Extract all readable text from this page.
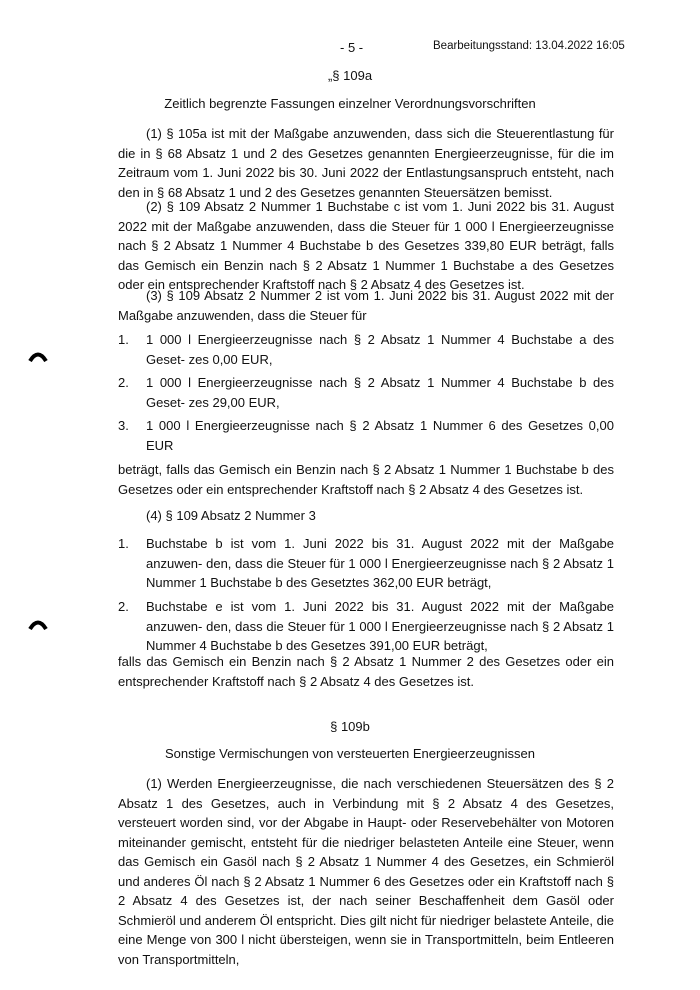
- 5 -	Bearbeitungsstand: 13.04.2022 16:05
„§ 109a
Zeitlich begrenzte Fassungen einzelner Verordnungsvorschriften

(1) § 105a ist mit der Maßgabe anzuwenden, dass sich die Steuerentlastung für die in § 68 Absatz 1 und 2 des Gesetzes genannten Energieerzeugnisse, für die im Zeitraum vom 1. Juni 2022 bis 30. Juni 2022 der Entlastungsanspruch entsteht, nach den in § 68 Absatz 1 und 2 des Gesetzes genannten Steuersätzen bemisst.

(2) § 109 Absatz 2 Nummer 1 Buchstabe c ist vom 1. Juni 2022 bis 31. August 2022 mit der Maßgabe anzuwenden, dass die Steuer für 1 000 l Energieerzeugnisse nach § 2 Absatz 1 Nummer 4 Buchstabe b des Gesetzes 339,80 EUR beträgt, falls das Gemisch ein Benzin nach § 2 Absatz 1 Nummer 1 Buchstabe a des Gesetzes oder ein entsprechender Kraftstoff nach § 2 Absatz 4 des Gesetzes ist.

(3) § 109 Absatz 2 Nummer 2 ist vom 1. Juni 2022 bis 31. August 2022 mit der Maßgabe anzuwenden, dass die Steuer für

1. 1 000 l Energieerzeugnisse nach § 2 Absatz 1 Nummer 4 Buchstabe a des Geset- zes 0,00 EUR,

2. 1 000 l Energieerzeugnisse nach § 2 Absatz 1 Nummer 4 Buchstabe b des Geset- zes 29,00 EUR,

3. 1 000 l Energieerzeugnisse nach § 2 Absatz 1 Nummer 6 des Gesetzes 0,00 EUR

beträgt, falls das Gemisch ein Benzin nach § 2 Absatz 1 Nummer 1 Buchstabe b des Gesetzes oder ein entsprechender Kraftstoff nach § 2 Absatz 4 des Gesetzes ist.

(4) § 109 Absatz 2 Nummer 3

1. Buchstabe b ist vom 1. Juni 2022 bis 31. August 2022 mit der Maßgabe anzuwen- den, dass die Steuer für 1 000 l Energieerzeugnisse nach § 2 Absatz 1 Nummer 1 Buchstabe b des Gesetztes 362,00 EUR beträgt,

2. Buchstabe e ist vom 1. Juni 2022 bis 31. August 2022 mit der Maßgabe anzuwen- den, dass die Steuer für 1 000 l Energieerzeugnisse nach § 2 Absatz 1 Nummer 4 Buchstabe b des Gesetzes 391,00 EUR beträgt,

falls das Gemisch ein Benzin nach § 2 Absatz 1 Nummer 2 des Gesetzes oder ein entsprechender Kraftstoff nach § 2 Absatz 4 des Gesetzes ist.

§ 109b
Sonstige Vermischungen von versteuerten Energieerzeugnissen

(1) Werden Energieerzeugnisse, die nach verschiedenen Steuersätzen des § 2 Absatz 1 des Gesetzes, auch in Verbindung mit § 2 Absatz 4 des Gesetzes, versteuert worden sind, vor der Abgabe in Haupt- oder Reservebehälter von Motoren miteinander gemischt, entsteht für die niedriger belasteten Anteile eine Steuer, wenn das Gemisch ein Gasöl nach § 2 Absatz 1 Nummer 4 des Gesetzes, ein Schmieröl und anderes Öl nach § 2 Absatz 1 Nummer 6 des Gesetzes oder ein Kraftstoff nach § 2 Absatz 4 des Gesetzes ist, der nach seiner Beschaffenheit dem Gasöl oder Schmieröl und anderem Öl entspricht. Dies gilt nicht für niedriger belastete Anteile, die eine Menge von 300 l nicht übersteigen, wenn sie in Transportmitteln, beim Entleeren von Transportmitteln,
